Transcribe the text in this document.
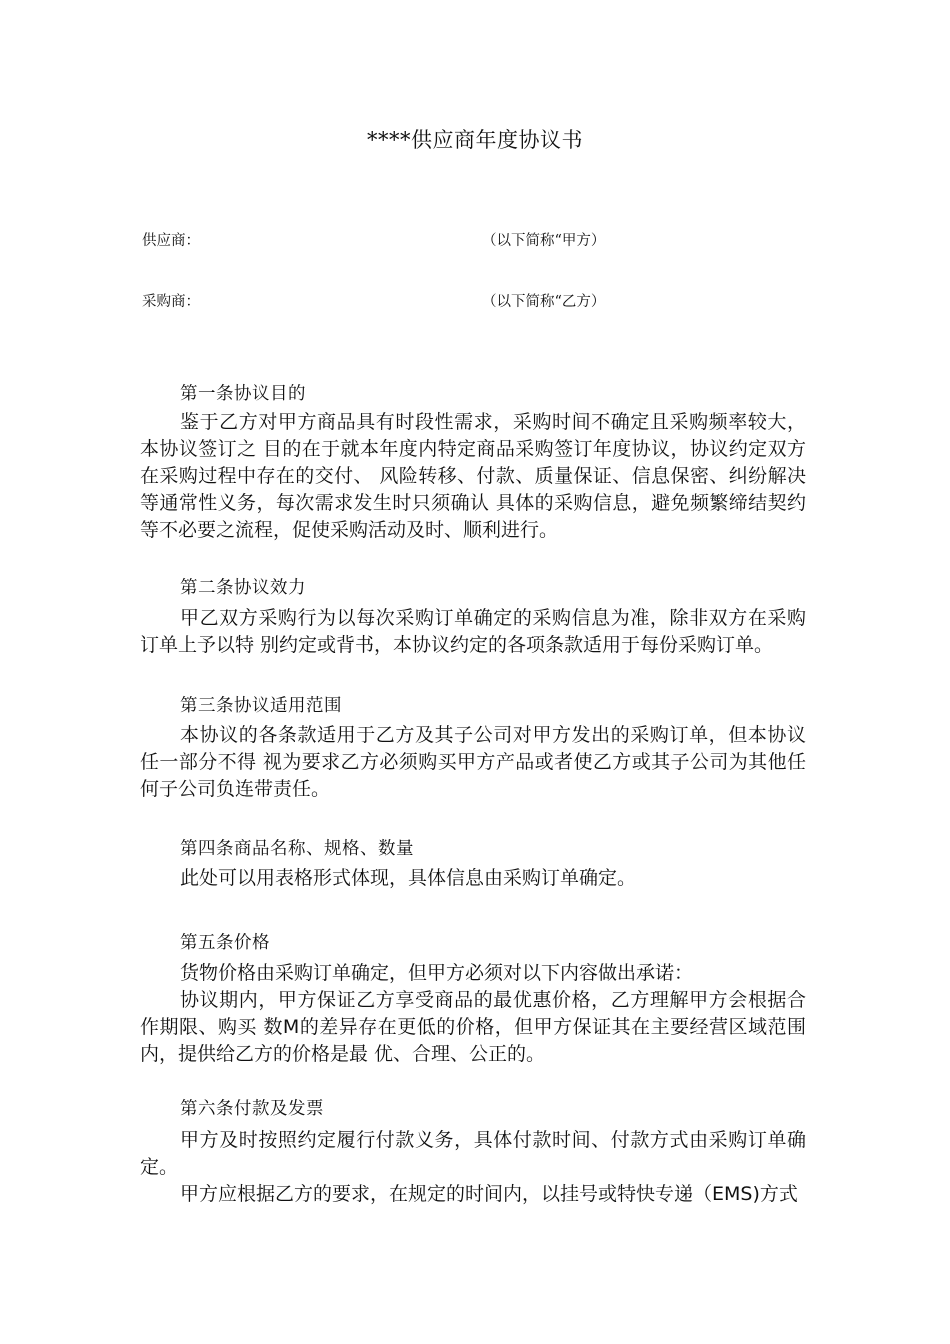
****供应商年度协议书
供应商：	（以下简称“甲方）
采购商：	（以下简称“乙方）
第一条协议目的
鉴于乙方对甲方商品具有时段性需求，采购时间不确定且采购频率较大，本协议签订之 目的在于就本年度内特定商品采购签订年度协议，协议约定双方在采购过程中存在的交付、 风险转移、付款、质量保证、信息保密、纠纷解决等通常性义务，每次需求发生时只须确认 具体的采购信息，避免频繁缔结契约等不必要之流程，促使采购活动及时、顺利进行。
第二条协议效力
甲乙双方采购行为以每次采购订单确定的采购信息为准，除非双方在采购订单上予以特 别约定或背书，本协议约定的各项条款适用于每份采购订单。
第三条协议适用范围
本协议的各条款适用于乙方及其子公司对甲方发出的采购订单，但本协议任一部分不得 视为要求乙方必须购买甲方产品或者使乙方或其子公司为其他任何子公司负连带责任。
第四条商品名称、规格、数量
此处可以用表格形式体现，具体信息由采购订单确定。
第五条价格
货物价格由采购订单确定，但甲方必须对以下内容做出承诺：
协议期内，甲方保证乙方享受商品的最优惠价格，乙方理解甲方会根据合作期限、购买 数M的差异存在更低的价格，但甲方保证其在主要经营区域范围内，提供给乙方的价格是最 优、合理、公正的。
第六条付款及发票
甲方及时按照约定履行付款义务，具体付款时间、付款方式由采购订单确定。
甲方应根据乙方的要求，在规定的时间内，以挂号或特快专递（EMS)方式
